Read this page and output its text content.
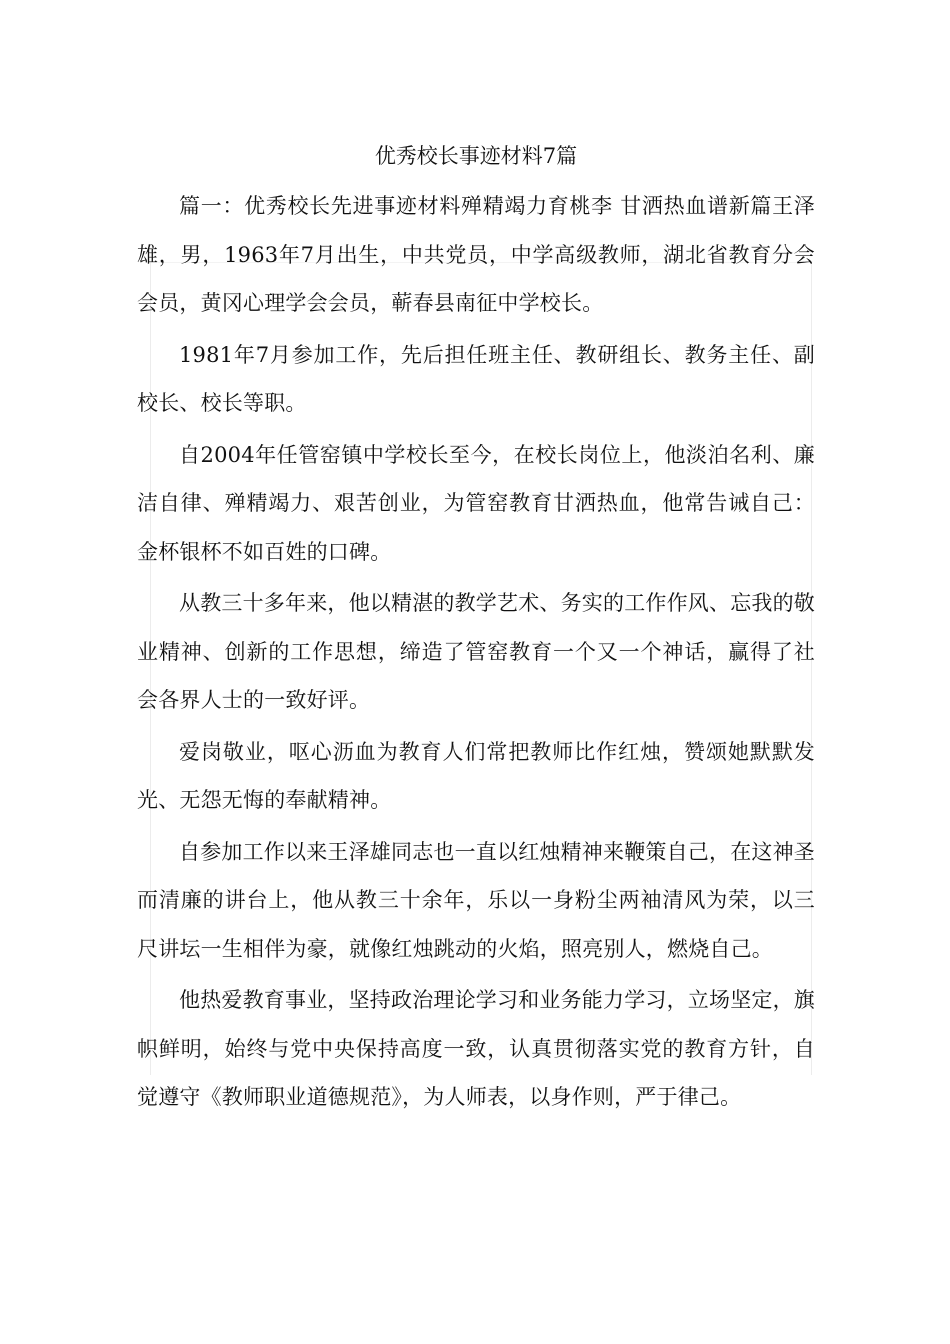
优秀校长事迹材料7篇

篇一：优秀校长先进事迹材料殚精竭力育桃李 甘洒热血谱新篇王泽雄，男，1963年7月出生，中共党员，中学高级教师，湖北省教育分会会员，黄冈心理学会会员，蕲春县南征中学校长。

1981年7月参加工作，先后担任班主任、教研组长、教务主任、副校长、校长等职。

自2004年任管窑镇中学校长至今，在校长岗位上，他淡泊名利、廉洁自律、殚精竭力、艰苦创业，为管窑教育甘洒热血，他常告诫自己：金杯银杯不如百姓的口碑。

从教三十多年来，他以精湛的教学艺术、务实的工作作风、忘我的敬业精神、创新的工作思想，缔造了管窑教育一个又一个神话，赢得了社会各界人士的一致好评。

爱岗敬业，呕心沥血为教育人们常把教师比作红烛，赞颂她默默发光、无怨无悔的奉献精神。

自参加工作以来王泽雄同志也一直以红烛精神来鞭策自己，在这神圣而清廉的讲台上，他从教三十余年，乐以一身粉尘两袖清风为荣，以三尺讲坛一生相伴为豪，就像红烛跳动的火焰，照亮别人，燃烧自己。

他热爱教育事业，坚持政治理论学习和业务能力学习，立场坚定，旗帜鲜明，始终与党中央保持高度一致，认真贯彻落实党的教育方针，自觉遵守《教师职业道德规范》，为人师表，以身作则，严于律己。
